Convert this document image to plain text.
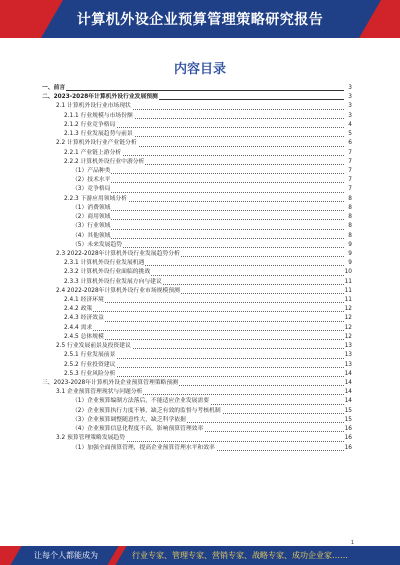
计算机外设企业预算管理策略研究报告
内容目录
一、前言	3
二、2023-2028年计算机外设行业发展预测	3
2.1 计算机外设行业市场现状	3
2.1.1 行业规模与市场份额	3
2.1.2 行业竞争格局	4
2.1.3 行业发展趋势与前景	5
2.2 计算机外设行业产业链分析	6
2.2.1 产业链上游分析	7
2.2.2 计算机外设行业中游分析	7
（1）产品种类	7
（2）技术水平	7
（3）竞争格局	7
2.2.3 下游应用领域分析	8
（1）消费领域	8
（2）商用领域	8
（3）行业领域	8
（4）其他领域	8
（5）未来发展趋势	9
2.3 2022-2028年计算机外设行业发展趋势分析	9
2.3.1 计算机外设行业发展机遇	9
2.3.2 计算机外设行业面临的挑战	10
2.3.3 计算机外设行业发展方向与建议	11
2.4 2022-2028年计算机外设行业市场规模预测	11
2.4.1 经济环境	11
2.4.2 政策	12
2.4.3 经济效益	12
2.4.4 需求	12
2.4.5 总体规模	12
2.5 行业发展前景及投资建议	13
2.5.1 行业发展前景	13
2.5.2 行业投资建议	13
2.5.3 行业风险分析	14
三、2023-2028年计算机外设企业预算管理策略预测	14
3.1 企业预算管理现状与问题分析	14
（1）企业预算编制方法落后，不能适应企业发展需要	14
（2）企业预算执行力度不够，缺乏有效的监督与考核机制	15
（3）企业预算调整随意性大，缺乏科学依据	15
（4）企业预算信息化程度不高，影响预算管理效率	16
3.2 预算管理策略发展趋势	16
（1）加强全面预算管理，提高企业预算管理水平和效率	16
1
让每个人都能成为	行业专家、管理专家、营销专家、战略专家、成功企业家……
